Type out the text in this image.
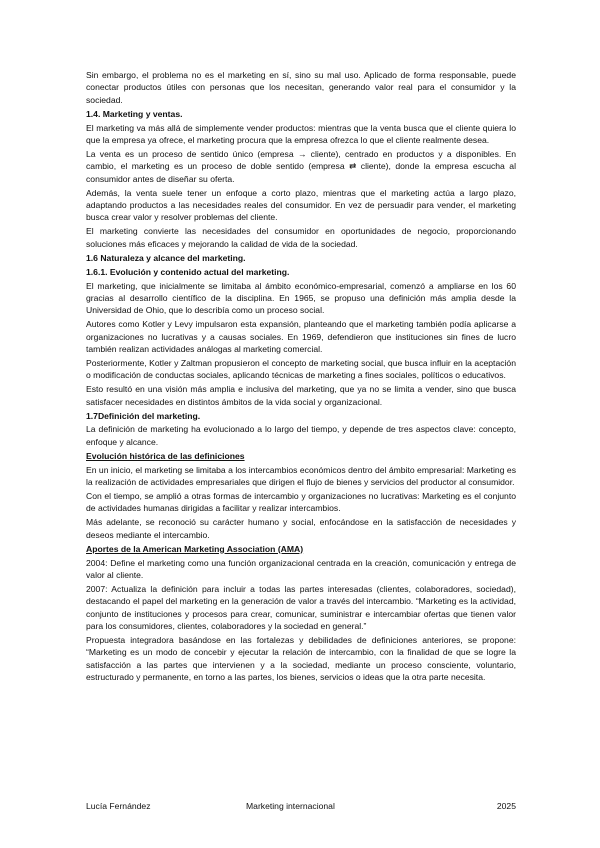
Sin embargo, el problema no es el marketing en sí, sino su mal uso. Aplicado de forma responsable, puede conectar productos útiles con personas que los necesitan, generando valor real para el consumidor y la sociedad.

1.4. Marketing y ventas.

El marketing va más allá de simplemente vender productos: mientras que la venta busca que el cliente quiera lo que la empresa ya ofrece, el marketing procura que la empresa ofrezca lo que el cliente realmente desea.

La venta es un proceso de sentido único (empresa → cliente), centrado en productos y a disponibles. En cambio, el marketing es un proceso de doble sentido (empresa ⇄ cliente), donde la empresa escucha al consumidor antes de diseñar su oferta.

Además, la venta suele tener un enfoque a corto plazo, mientras que el marketing actúa a largo plazo, adaptando productos a las necesidades reales del consumidor. En vez de persuadir para vender, el marketing busca crear valor y resolver problemas del cliente.

El marketing convierte las necesidades del consumidor en oportunidades de negocio, proporcionando soluciones más eficaces y mejorando la calidad de vida de la sociedad.

1.6 Naturaleza y alcance del marketing.

1.6.1. Evolución y contenido actual del marketing.

El marketing, que inicialmente se limitaba al ámbito económico-empresarial, comenzó a ampliarse en los 60 gracias al desarrollo científico de la disciplina. En 1965, se propuso una definición más amplia desde la Universidad de Ohio, que lo describía como un proceso social.

Autores como Kotler y Levy impulsaron esta expansión, planteando que el marketing también podía aplicarse a organizaciones no lucrativas y a causas sociales. En 1969, defendieron que instituciones sin fines de lucro también realizan actividades análogas al marketing comercial.

Posteriormente, Kotler y Zaltman propusieron el concepto de marketing social, que busca influir en la aceptación o modificación de conductas sociales, aplicando técnicas de marketing a fines sociales, políticos o educativos.

Esto resultó en una visión más amplia e inclusiva del marketing, que ya no se limita a vender, sino que busca satisfacer necesidades en distintos ámbitos de la vida social y organizacional.

1.7Definición del marketing.

La definición de marketing ha evolucionado a lo largo del tiempo, y depende de tres aspectos clave: concepto, enfoque y alcance.

Evolución histórica de las definiciones

En un inicio, el marketing se limitaba a los intercambios económicos dentro del ámbito empresarial: Marketing es la realización de actividades empresariales que dirigen el flujo de bienes y servicios del productor al consumidor.

Con el tiempo, se amplió a otras formas de intercambio y organizaciones no lucrativas: Marketing es el conjunto de actividades humanas dirigidas a facilitar y realizar intercambios.

Más adelante, se reconoció su carácter humano y social, enfocándose en la satisfacción de necesidades y deseos mediante el intercambio.

Aportes de la American Marketing Association (AMA)

2004: Define el marketing como una función organizacional centrada en la creación, comunicación y entrega de valor al cliente.

2007: Actualiza la definición para incluir a todas las partes interesadas (clientes, colaboradores, sociedad), destacando el papel del marketing en la generación de valor a través del intercambio. “Marketing es la actividad, conjunto de instituciones y procesos para crear, comunicar, suministrar e intercambiar ofertas que tienen valor para los consumidores, clientes, colaboradores y la sociedad en general.”

Propuesta integradora basándose en las fortalezas y debilidades de definiciones anteriores, se propone: “Marketing es un modo de concebir y ejecutar la relación de intercambio, con la finalidad de que se logre la satisfacción a las partes que intervienen y a la sociedad, mediante un proceso consciente, voluntario, estructurado y permanente, en torno a las partes, los bienes, servicios o ideas que la otra parte necesita.

Lucía Fernández	Marketing internacional	2025
